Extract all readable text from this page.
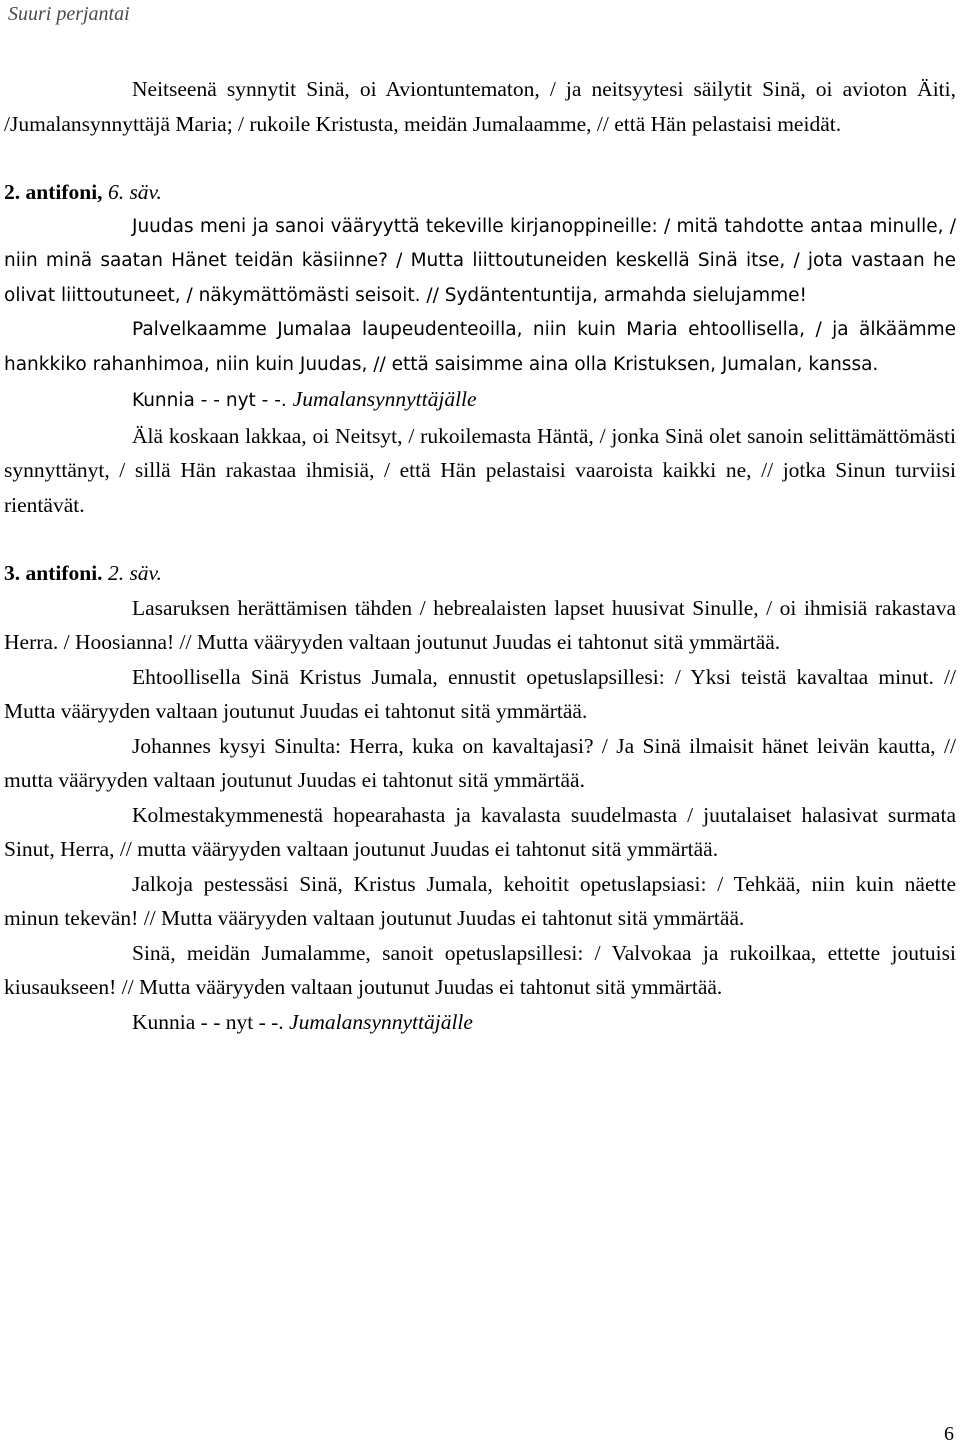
Suuri perjantai

Neitseenä synnytit Sinä, oi Aviontuntematon, / ja neitsyytesi säilytit Sinä, oi avioton Äiti, /Jumalansynnyttäjä Maria; / rukoile Kristusta, meidän Jumalaamme, // että Hän pelastaisi meidät.

2. antifoni, 6. säv.

Juudas meni ja sanoi vääryyttä tekeville kirjanoppineille: / mitä tahdotte antaa minulle, / niin minä saatan Hänet teidän käsiinne? / Mutta liittoutuneiden keskellä Sinä itse, / jota vastaan he olivat liittoutuneet, / näkymättömästi seisoit. // Sydäntentuntija, armahda sielujamme!

Palvelkaamme Jumalaa laupeudenteoilla, niin kuin Maria ehtoollisella, / ja älkäämme hankkiko rahanhimoa, niin kuin Juudas, // että saisimme aina olla Kristuksen, Jumalan, kanssa.

Kunnia - - nyt - -. Jumalansynnyttäjälle

Älä koskaan lakkaa, oi Neitsyt, / rukoilemasta Häntä, / jonka Sinä olet sanoin selittämättömästi synnyttänyt, / sillä Hän rakastaa ihmisiä, / että Hän pelastaisi vaaroista kaikki ne, // jotka Sinun turviisi rientävät.

3. antifoni. 2. säv.

Lasaruksen herättämisen tähden / hebrealaisten lapset huusivat Sinulle, / oi ihmisiä rakastava Herra. / Hoosianna! // Mutta vääryyden valtaan joutunut Juudas ei tahtonut sitä ymmärtää.

Ehtoollisella Sinä Kristus Jumala, ennustit opetuslapsillesi: / Yksi teistä kavaltaa minut. // Mutta vääryyden valtaan joutunut Juudas ei tahtonut sitä ymmärtää.

Johannes kysyi Sinulta: Herra, kuka on kavaltajasi? / Ja Sinä ilmaisit hänet leivän kautta, // mutta vääryyden valtaan joutunut Juudas ei tahtonut sitä ymmärtää.

Kolmestakymmenestä hopearahasta ja kavalasta suudelmasta / juutalaiset halasivat surmata Sinut, Herra, // mutta vääryyden valtaan joutunut Juudas ei tahtonut sitä ymmärtää.

Jalkoja pestessäsi Sinä, Kristus Jumala, kehoitit opetuslapsiasi: / Tehkää, niin kuin näette minun tekevän! // Mutta vääryyden valtaan joutunut Juudas ei tahtonut sitä ymmärtää.

Sinä, meidän Jumalamme, sanoit opetuslapsillesi: / Valvokaa ja rukoilkaa, ettette joutuisi kiusaukseen! // Mutta vääryyden valtaan joutunut Juudas ei tahtonut sitä ymmärtää.

Kunnia - - nyt - -. Jumalansynnyttäjälle

6
